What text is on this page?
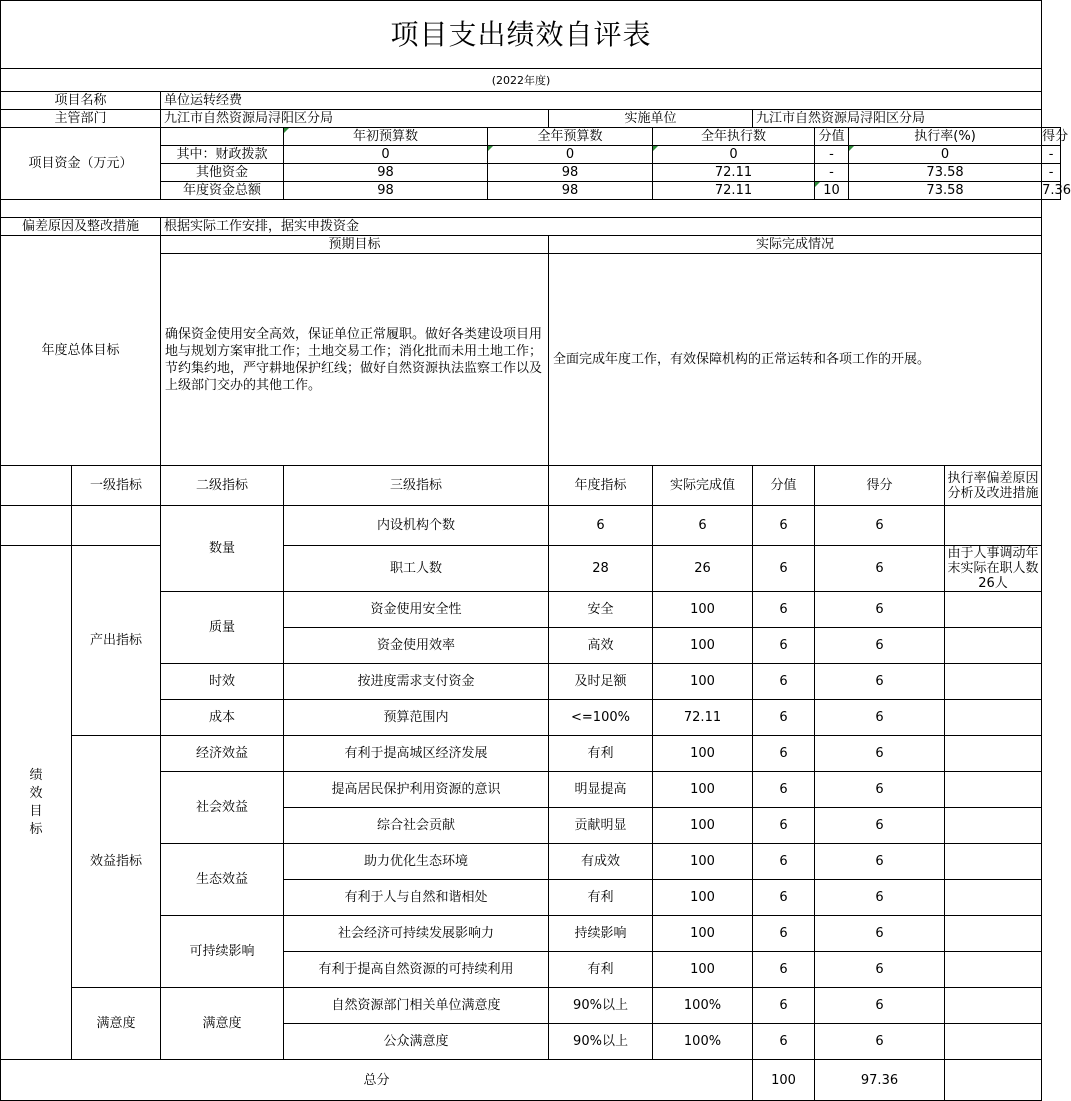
项目支出绩效自评表											
(2022年度)											
项目名称		单位运转经费									
主管部门		九江市自然资源局浔阳区分局			实施单位		九江市自然资源局浔阳区分局				
项目资金（万元）			年初预算数	全年预算数		全年执行数		分值	执行率(%)		得分
		其中：财政拨款	0	0		0		-	0		-
		其他资金	98	98		72.11		-	73.58		-
		年度资金总额	98	98		72.11		10	73.58		7.36

偏差原因及整改措施		根据实际工作安排，据实申拨资金									
年度总体目标		预期目标			实际完成情况						
		确保资金使用安全高效，保证单位正常履职。做好各类建设项目用地与规划方案审批工作；土地交易工作；消化批而未用土地工作；节约集约地，严守耕地保护红线；做好自然资源执法监察工作以及上级部门交办的其他工作。			全面完成年度工作，有效保障机构的正常运转和各项工作的开展。						
	一级指标	二级指标	三级指标		年度指标	实际完成值	分值	得分		执行率偏差原因分析及改进措施	
		数量	内设机构个数		6	6	6	6			
绩效目标	产出指标		职工人数		28	26	6	6		由于人事调动年末实际在职人数26人	
		质量	资金使用安全性		安全	100	6	6			
			资金使用效率		高效	100	6	6			
		时效	按进度需求支付资金		及时足额	100	6	6			
		成本	预算范围内		<=100%	72.11	6	6			
	效益指标	经济效益	有利于提高城区经济发展		有利	100	6	6			
		社会效益	提高居民保护利用资源的意识		明显提高	100	6	6			
			综合社会贡献		贡献明显	100	6	6			
		生态效益	助力优化生态环境		有成效	100	6	6			
			有利于人与自然和谐相处		有利	100	6	6			
		可持续影响	社会经济可持续发展影响力		持续影响	100	6	6			
			有利于提高自然资源的可持续利用		有利	100	6	6			
	满意度	满意度	自然资源部门相关单位满意度		90%以上	100%	6	6			
			公众满意度		90%以上	100%	6	6			
总分							100	97.36			
